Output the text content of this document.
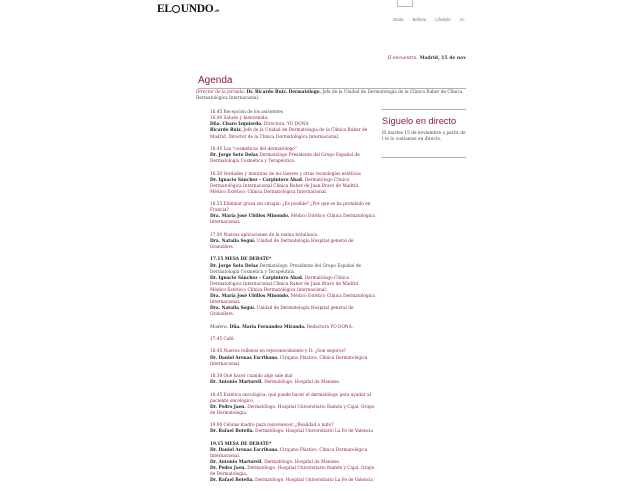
EL UNDO.es
Moda Belleza Lifestyle Ac
II encuentro. Madrid, 15 de nov
Agenda
Director de la jornada: Dr. Ricardo Ruiz. Dermatólogo. Jefe de la Unidad de Dermatología de la Clínica Ruber de Clínica Dermatológica Internacional.
16.45 Recepción de los asistentes
16.00 Saludo y bienvenida:
Dña. Charo Izquierdo. Directora. YO DONA
Ricardo Ruiz. Jefe de la Unidad de Dermatología de la Clínica Ruber de Madrid. Director de la Clínica Dermatológica Internacional.
16.45 Los "cosméticos del dermatólogo"
Dr. Jorge Soto Delas Dermatólogo Presidente del Grupo Español de Dermatología Cosmética y Terapéutica.
16.30 Verdades y mentiras de los láseres y otras tecnologías estéticas
Dr. Ignacio Sánchez – Carpintero Abad. Dermatólogo Clínica Dermatológica Internacional Clínica Ruber de Juan Bravo de Madrid. Médico Estético: Clínica Dermatológica Internacional.
16.55 Eliminar grasa sin cirugía: ¿Es posible? ¿Por qué se ha prohibido en Francia?
Dra. María José Ubillos Minondo. Médico Estético Clínica Dermatológica Internacional.
17.00 Nuevas aplicaciones de la toxina botulínica.
Dra. Natalia Seguí. Unidad de Dermatología Hospital general de Granollers.
17.15 MESA DE DEBATE*
Dr. Jorge Soto Delas Dermatólogo. Presidente del Grupo Español de Dermatología Cosmética y Terapéutica.
Dr. Ignacio Sánchez – Carpintero Abad. Dermatólogo Clínica Dermatológica Internacional Clínica Ruber de Juan Bravo de Madrid. Médico Estético: Clínica Dermatológica Internacional.
Dra. María José Ubillos Minondo. Médico Estético Clínica Dermatológica Internacional.
Dra. Natalia Seguí. Unidad de Dermatología Hospital general de Granollers.
Modera: Dña. María Fernández Miranda. Redactora YO DONA.
17.45 Café.
18.45 Nuevos rellenos en rejuvenecimiento y D: ¿Son seguros?
Dr. Daniel Arenas Escribano. Cirujano Plástico. Clínica Dermatológica Internacional.
18.30 Qué hacer cuando algo sale mal
Dr. Antonio Martorell. Dermatólogo. Hospital de Manises.
18.45 Estética oncológica: qué puede hacer el dermatólogo para ayudar al paciente oncológico.
Dr. Pedro Jaen. Dermatólogo. Hospital Universitario Ramón y Cajal. Grupo de Dermatología.
19.00 Células madre para rejuvenecer. ¿Realidad o mito?
Dr. Rafael Botella. Dermatólogo. Hospital Universitario La Fe de Valencia
19.15 MESA DE DEBATE*
Dr. Daniel Arenas Escribano. Cirujano Plástico. Clínica Dermatológica Internacional.
Dr. Antonio Martorell. Dermatólogo. Hospital de Manises.
Dr. Pedro Jaen. Dermatólogo. Hospital Universitario Ramón y Cajal. Grupo de Dermatología.
Dr. Rafael Botella. Dermatólogo. Hospital Universitario La Fe de Valencia
Síguelo en directo
El martes 15 de noviembre a partir de l te lo contamos en directo.
